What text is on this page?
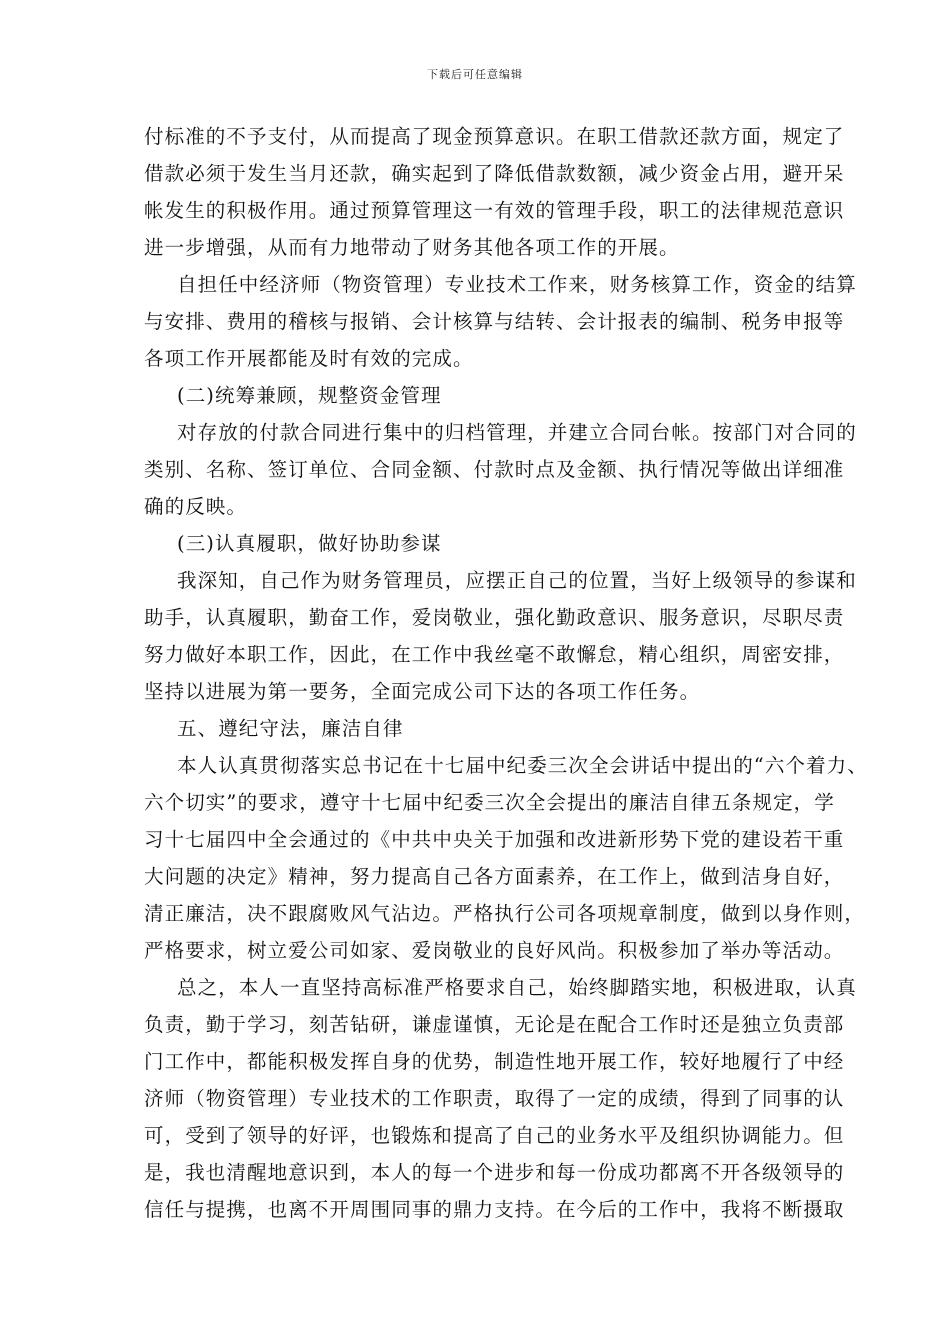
下载后可任意编辑
付标准的不予支付，从而提高了现金预算意识。在职工借款还款方面，规定了
借款必须于发生当月还款，确实起到了降低借款数额，减少资金占用，避开呆
帐发生的积极作用。通过预算管理这一有效的管理手段，职工的法律规范意识
进一步增强，从而有力地带动了财务其他各项工作的开展。
自担任中经济师（物资管理）专业技术工作来，财务核算工作，资金的结算
与安排、费用的稽核与报销、会计核算与结转、会计报表的编制、税务申报等
各项工作开展都能及时有效的完成。
(二)统筹兼顾，规整资金管理
对存放的付款合同进行集中的归档管理，并建立合同台帐。按部门对合同的
类别、名称、签订单位、合同金额、付款时点及金额、执行情况等做出详细准
确的反映。
(三)认真履职，做好协助参谋
我深知，自己作为财务管理员，应摆正自己的位置，当好上级领导的参谋和
助手，认真履职，勤奋工作，爱岗敬业，强化勤政意识、服务意识，尽职尽责
努力做好本职工作，因此，在工作中我丝毫不敢懈怠，精心组织，周密安排，
坚持以进展为第一要务，全面完成公司下达的各项工作任务。
五、遵纪守法，廉洁自律
本人认真贯彻落实总书记在十七届中纪委三次全会讲话中提出的“六个着力、
六个切实”的要求，遵守十七届中纪委三次全会提出的廉洁自律五条规定，学
习十七届四中全会通过的《中共中央关于加强和改进新形势下党的建设若干重
大问题的决定》精神，努力提高自己各方面素养，在工作上，做到洁身自好，
清正廉洁，决不跟腐败风气沾边。严格执行公司各项规章制度，做到以身作则，
严格要求，树立爱公司如家、爱岗敬业的良好风尚。积极参加了举办等活动。
总之，本人一直坚持高标准严格要求自己，始终脚踏实地，积极进取，认真
负责，勤于学习，刻苦钻研，谦虚谨慎，无论是在配合工作时还是独立负责部
门工作中，都能积极发挥自身的优势，制造性地开展工作，较好地履行了中经
济师（物资管理）专业技术的工作职责，取得了一定的成绩，得到了同事的认
可，受到了领导的好评，也锻炼和提高了自己的业务水平及组织协调能力。但
是，我也清醒地意识到，本人的每一个进步和每一份成功都离不开各级领导的
信任与提携，也离不开周围同事的鼎力支持。在今后的工作中，我将不断摄取
